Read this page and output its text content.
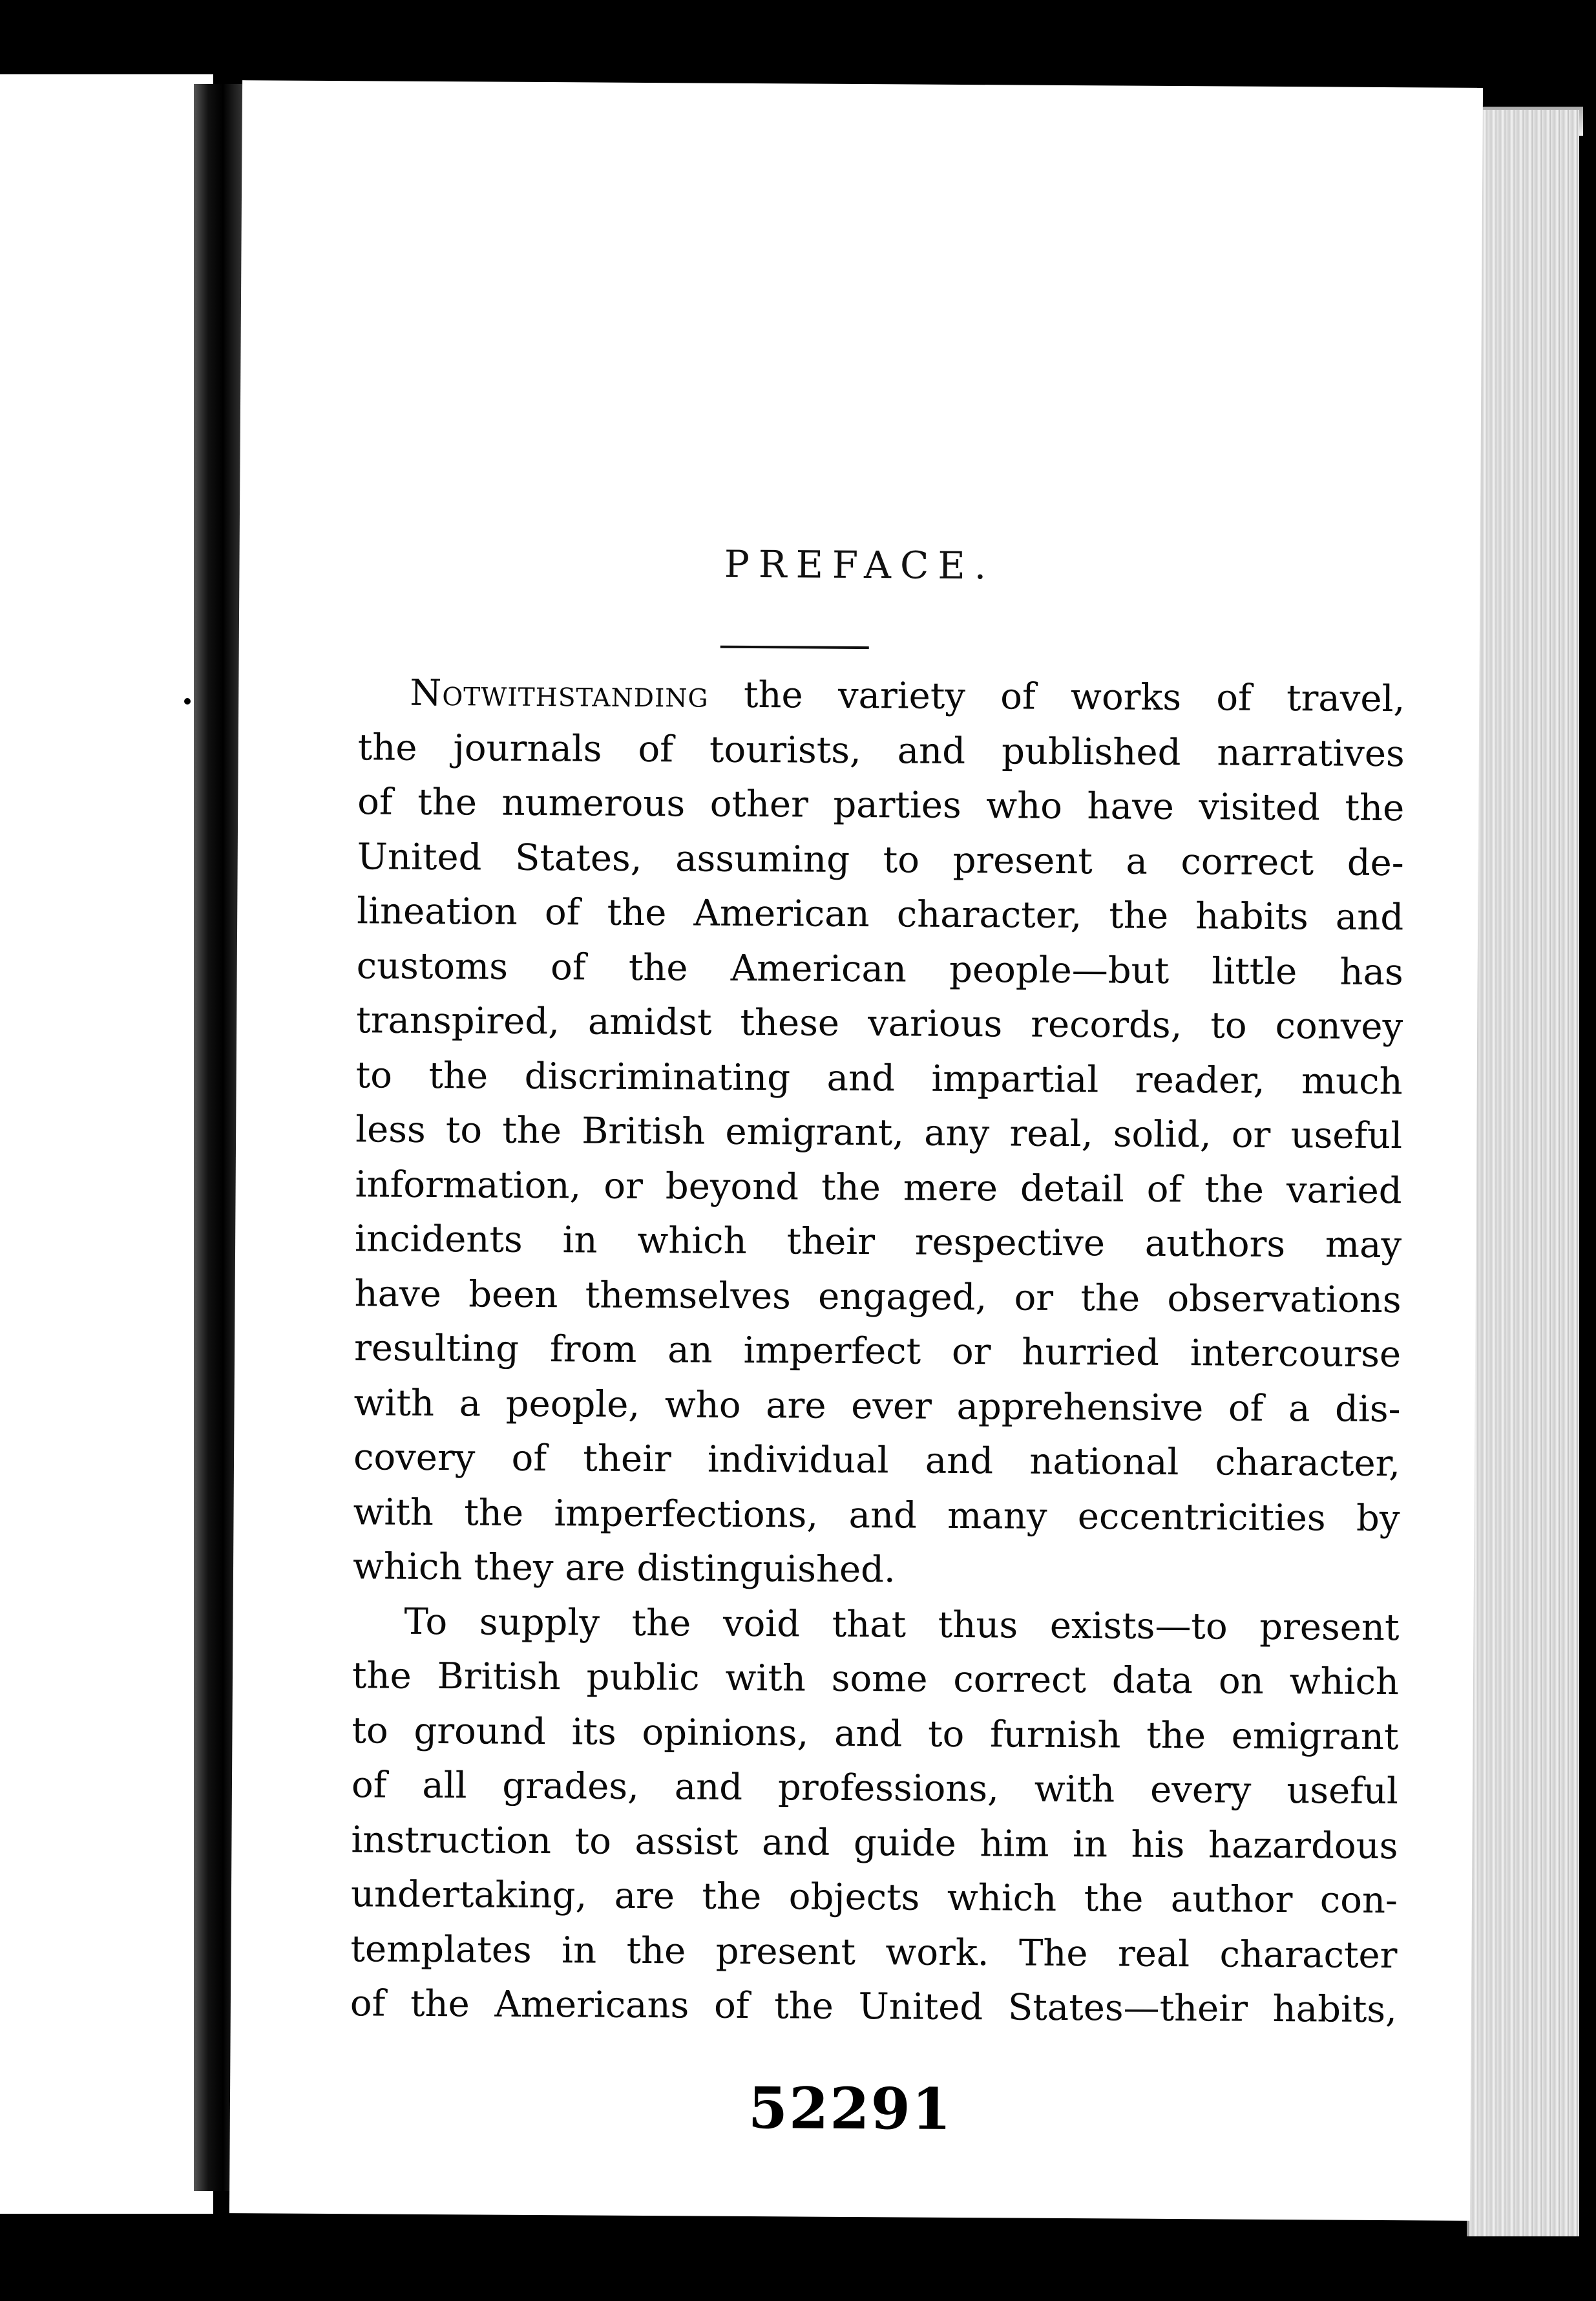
PREFACE.
Notwithstanding the variety of works of travel,
the journals of tourists, and published narratives
of the numerous other parties who have visited the
United States, assuming to present a correct de-
lineation of the American character, the habits and
customs of the American people—but little has
transpired, amidst these various records, to convey
to the discriminating and impartial reader, much
less to the British emigrant, any real, solid, or useful
information, or beyond the mere detail of the varied
incidents in which their respective authors may
have been themselves engaged, or the observations
resulting from an imperfect or hurried intercourse
with a people, who are ever apprehensive of a dis-
covery of their individual and national character,
with the imperfections, and many eccentricities by
which they are distinguished.
To supply the void that thus exists—to present
the British public with some correct data on which
to ground its opinions, and to furnish the emigrant
of all grades, and professions, with every useful
instruction to assist and guide him in his hazardous
undertaking, are the objects which the author con-
templates in the present work. The real character
of the Americans of the United States—their habits,
52291
